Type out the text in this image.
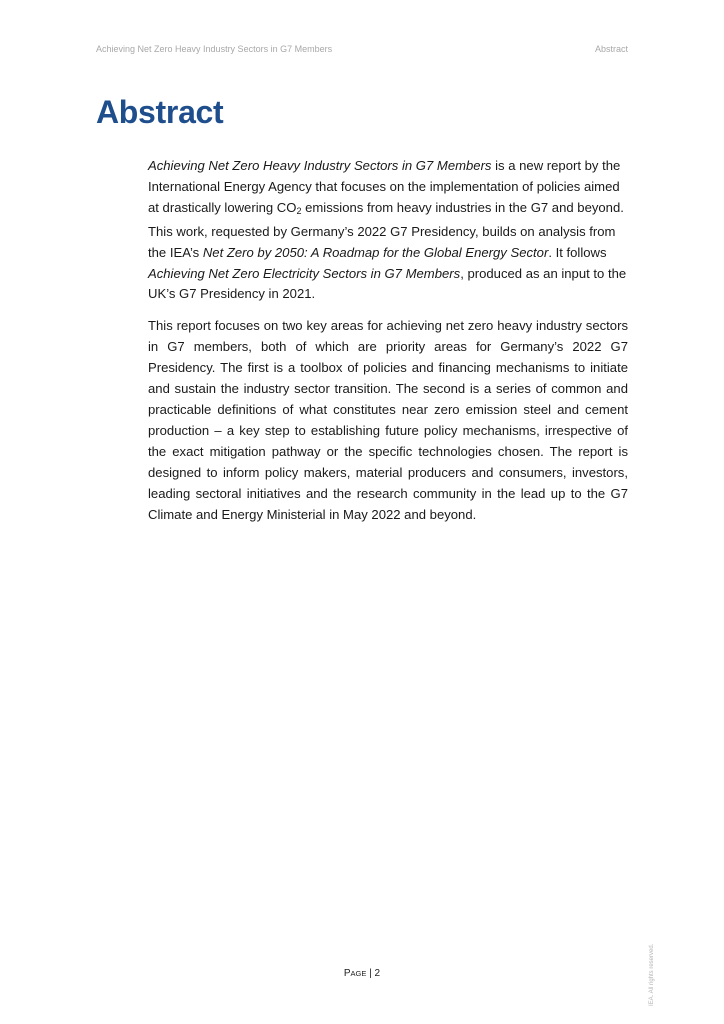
Achieving Net Zero Heavy Industry Sectors in G7 Members	Abstract
Abstract

Achieving Net Zero Heavy Industry Sectors in G7 Members is a new report by the International Energy Agency that focuses on the implementation of policies aimed at drastically lowering $CO_2$ emissions from heavy industries in the G7 and beyond. This work, requested by Germany’s 2022 G7 Presidency, builds on analysis from the IEA’s Net Zero by 2050: A Roadmap for the Global Energy Sector. It follows Achieving Net Zero Electricity Sectors in G7 Members, produced as an input to the UK’s G7 Presidency in 2021.

This report focuses on two key areas for achieving net zero heavy industry sectors in G7 members, both of which are priority areas for Germany’s 2022 G7 Presidency. The first is a toolbox of policies and financing mechanisms to initiate and sustain the industry sector transition. The second is a series of common and practicable definitions of what constitutes near zero emission steel and cement production – a key step to establishing future policy mechanisms, irrespective of the exact mitigation pathway or the specific technologies chosen. The report is designed to inform policy makers, material producers and consumers, investors, leading sectoral initiatives and the research community in the lead up to the G7 Climate and Energy Ministerial in May 2022 and beyond.

PAGE | 2	IEA. All rights reserved.
